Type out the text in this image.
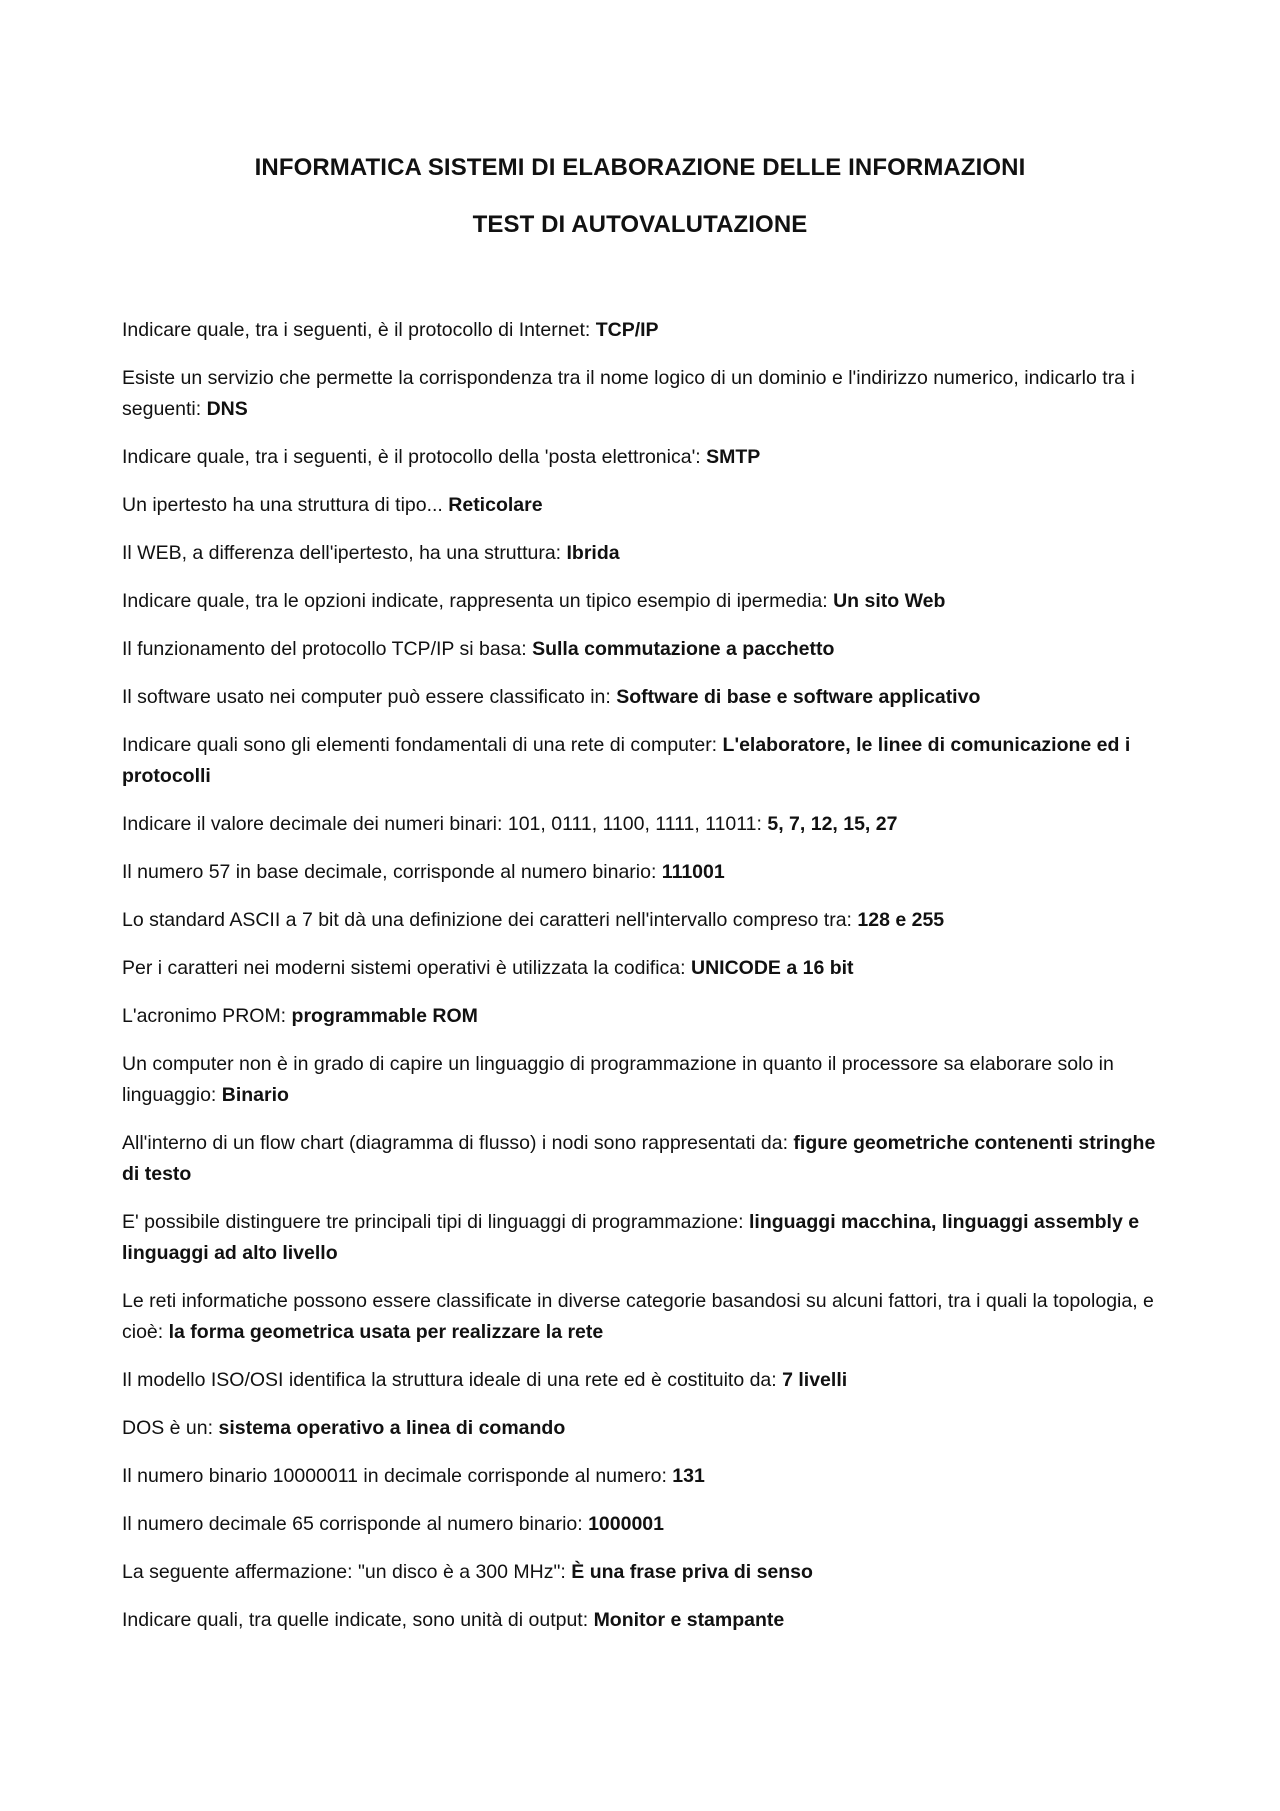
INFORMATICA SISTEMI DI ELABORAZIONE DELLE INFORMAZIONI

TEST DI AUTOVALUTAZIONE

Indicare quale, tra i seguenti, è il protocollo di Internet: TCP/IP
Esiste un servizio che permette la corrispondenza tra il nome logico di un dominio e l'indirizzo numerico, indicarlo tra i seguenti: DNS
Indicare quale, tra i seguenti, è il protocollo della 'posta elettronica': SMTP
Un ipertesto ha una struttura di tipo... Reticolare
Il WEB, a differenza dell'ipertesto, ha una struttura: Ibrida
Indicare quale, tra le opzioni indicate, rappresenta un tipico esempio di ipermedia: Un sito Web
Il funzionamento del protocollo TCP/IP si basa: Sulla commutazione a pacchetto
Il software usato nei computer può essere classificato in: Software di base e software applicativo
Indicare quali sono gli elementi fondamentali di una rete di computer: L'elaboratore, le linee di comunicazione ed i protocolli
Indicare il valore decimale dei numeri binari: 101, 0111, 1100, 1111, 11011: 5, 7, 12, 15, 27
Il numero 57 in base decimale, corrisponde al numero binario: 111001
Lo standard ASCII a 7 bit dà una definizione dei caratteri nell'intervallo compreso tra: 128 e 255
Per i caratteri nei moderni sistemi operativi è utilizzata la codifica: UNICODE a 16 bit
L'acronimo PROM: programmable ROM
Un computer non è in grado di capire un linguaggio di programmazione in quanto il processore sa elaborare solo in linguaggio: Binario
All'interno di un flow chart (diagramma di flusso) i nodi sono rappresentati da: figure geometriche contenenti stringhe di testo
E' possibile distinguere tre principali tipi di linguaggi di programmazione: linguaggi macchina, linguaggi assembly e linguaggi ad alto livello
Le reti informatiche possono essere classificate in diverse categorie basandosi su alcuni fattori, tra i quali la topologia, e cioè: la forma geometrica usata per realizzare la rete
Il modello ISO/OSI identifica la struttura ideale di una rete ed è costituito da: 7 livelli
DOS è un: sistema operativo a linea di comando
Il numero binario 10000011 in decimale corrisponde al numero: 131
Il numero decimale 65 corrisponde al numero binario: 1000001
La seguente affermazione: "un disco è a 300 MHz": È una frase priva di senso
Indicare quali, tra quelle indicate, sono unità di output: Monitor e stampante
